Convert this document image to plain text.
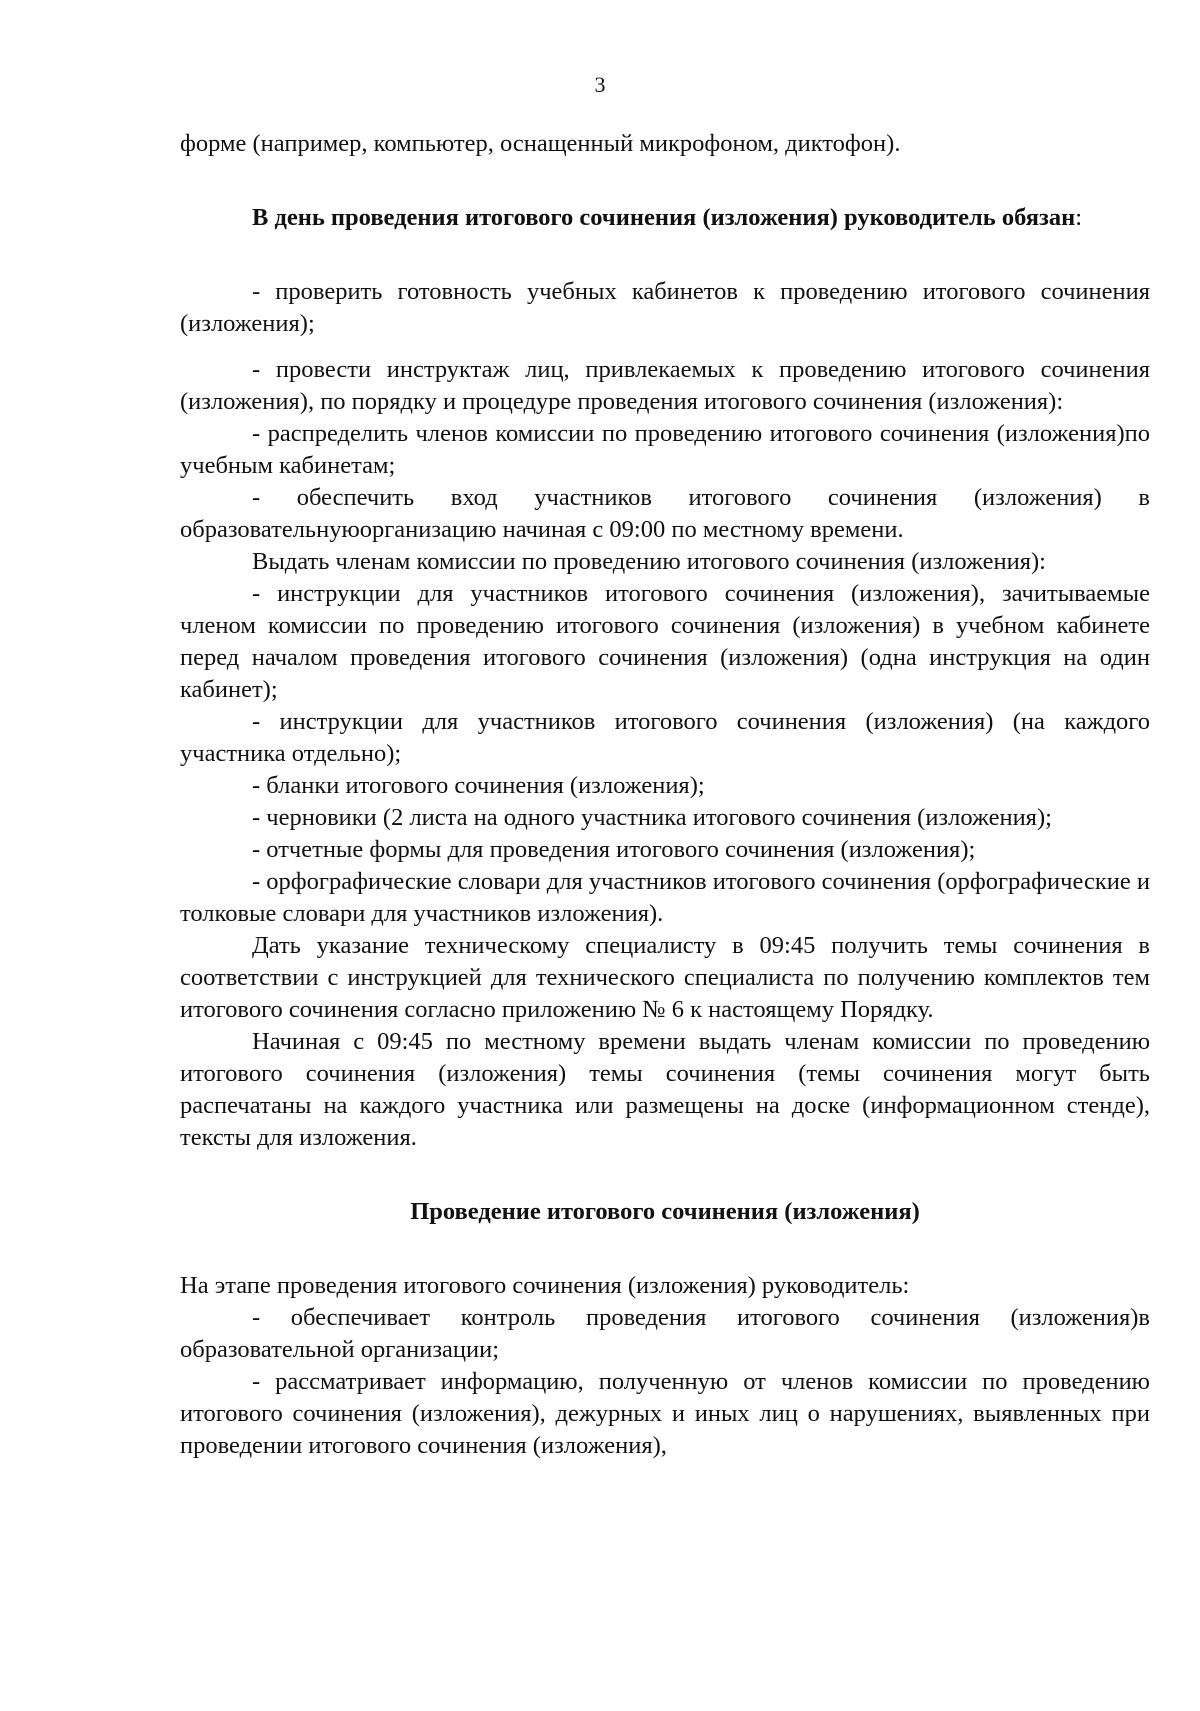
3

форме (например, компьютер, оснащенный микрофоном, диктофон).

В день проведения итогового сочинения (изложения) руководитель обязан:

- проверить готовность учебных кабинетов к проведению итогового сочинения (изложения);

- провести инструктаж лиц, привлекаемых к проведению итогового сочинения (изложения), по порядку и процедуре проведения итогового сочинения (изложения):

- распределить членов комиссии по проведению итогового сочинения (изложения)по учебным кабинетам;

- обеспечить вход участников итогового сочинения (изложения) в образовательнуюорганизацию начиная с 09:00 по местному времени.

Выдать членам комиссии по проведению итогового сочинения (изложения):

- инструкции для участников итогового сочинения (изложения), зачитываемые членом комиссии по проведению итогового сочинения (изложения) в учебном кабинете перед началом проведения итогового сочинения (изложения) (одна инструкция на один кабинет);

- инструкции для участников итогового сочинения (изложения) (на каждого участника отдельно);

- бланки итогового сочинения (изложения);

- черновики (2 листа на одного участника итогового сочинения (изложения);

- отчетные формы для проведения итогового сочинения (изложения);

- орфографические словари для участников итогового сочинения (орфографические и толковые словари для участников изложения).

Дать указание техническому специалисту в 09:45 получить темы сочинения в соответствии с инструкцией для технического специалиста по получению комплектов тем итогового сочинения согласно приложению № 6 к настоящему Порядку.

Начиная с 09:45 по местному времени выдать членам комиссии по проведению итогового сочинения (изложения) темы сочинения (темы сочинения могут быть распечатаны на каждого участника или размещены на доске (информационном стенде), тексты для изложения.

Проведение итогового сочинения (изложения)

На этапе проведения итогового сочинения (изложения) руководитель:

- обеспечивает контроль проведения итогового сочинения (изложения)в образовательной организации;

- рассматривает информацию, полученную от членов комиссии по проведению итогового сочинения (изложения), дежурных и иных лиц о нарушениях, выявленных при проведении итогового сочинения (изложения),
